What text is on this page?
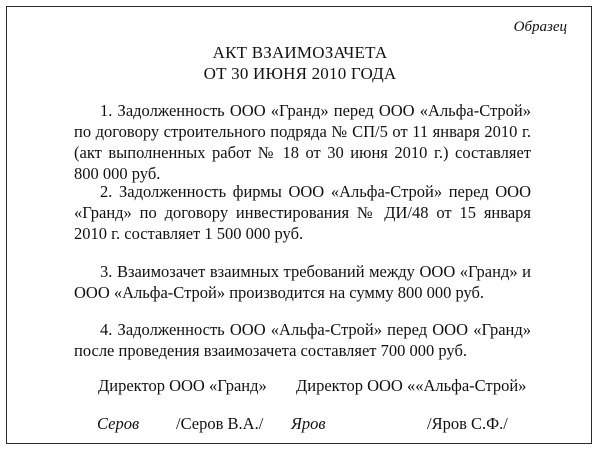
Образец
АКТ ВЗАИМОЗАЧЕТА
ОТ 30 ИЮНЯ 2010 ГОДА
1. Задолженность ООО «Гранд» перед ООО «Альфа-Строй» по договору строительного подряда № СП/5 от 11 января 2010 г. (акт выполненных работ № 18 от 30 июня 2010 г.) составляет 800 000 руб.
2. Задолженность фирмы ООО «Альфа-Строй» перед ООО «Гранд» по договору инвестирования № ДИ/48 от 15 января 2010 г. составляет 1 500 000 руб.
3. Взаимозачет взаимных требований между ООО «Гранд» и ООО «Альфа-Строй» производится на сумму 800 000 руб.
4. Задолженность ООО «Альфа-Строй» перед ООО «Гранд» после проведения взаимозачета составляет 700 000 руб.
Директор ООО «Гранд» Директор ООО ««Альфа-Строй»
Серов /Серов В.А./ Яров	/Яров С.Ф./
